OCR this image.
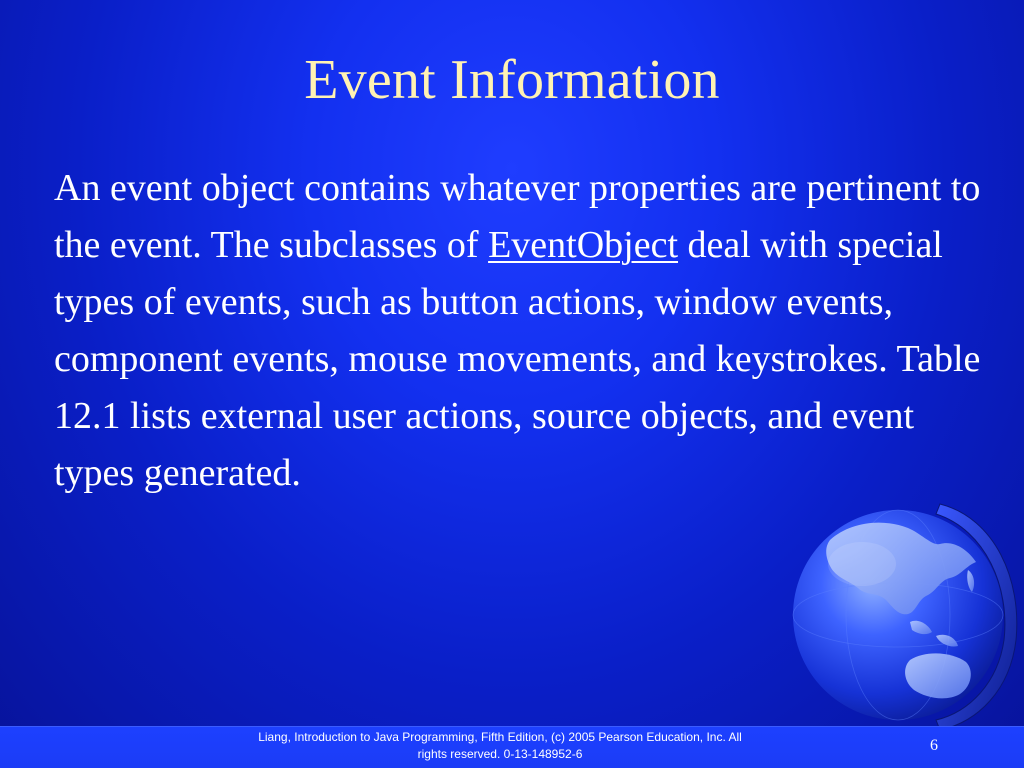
Event Information

An event object contains whatever properties are pertinent to the event. The subclasses of EventObject deal with special types of events, such as button actions, window events, component events, mouse movements, and keystrokes. Table 12.1 lists external user actions, source objects, and event types generated.

Liang, Introduction to Java Programming, Fifth Edition, (c) 2005 Pearson Education, Inc. All
rights reserved. 0-13-148952-6	6
